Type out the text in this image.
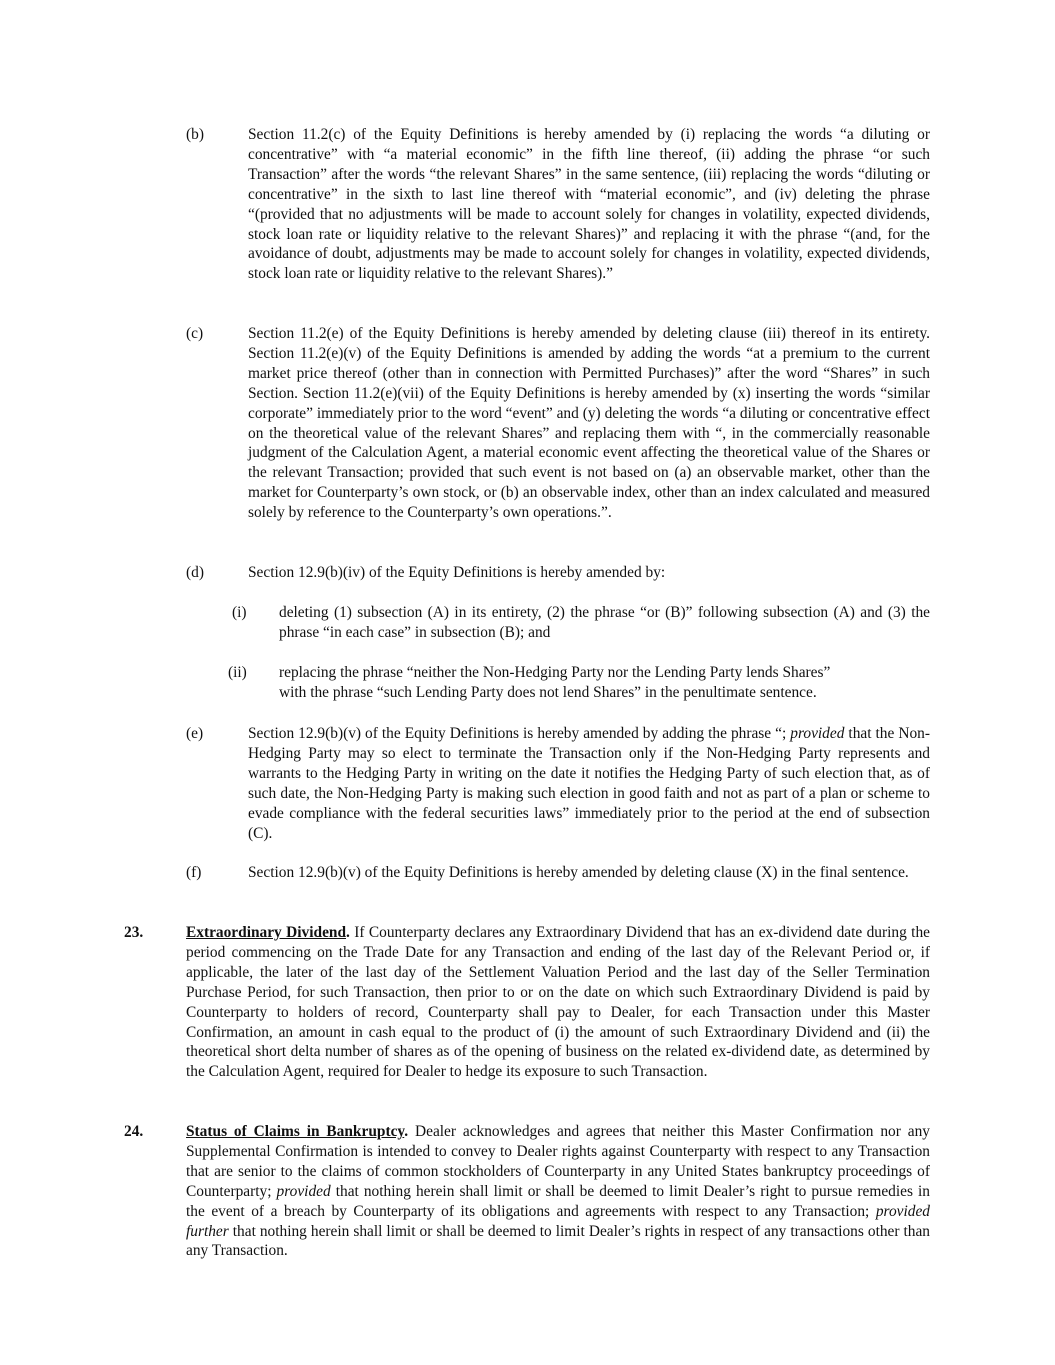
(b)	Section 11.2(c) of the Equity Definitions is hereby amended by (i) replacing the words “a diluting or concentrative” with “a material economic” in the fifth line thereof, (ii) adding the phrase “or such Transaction” after the words “the relevant Shares” in the same sentence, (iii) replacing the words “diluting or concentrative” in the sixth to last line thereof with “material economic”, and (iv) deleting the phrase “(provided that no adjustments will be made to account solely for changes in volatility, expected dividends, stock loan rate or liquidity relative to the relevant Shares)” and replacing it with the phrase “(and, for the avoidance of doubt, adjustments may be made to account solely for changes in volatility, expected dividends, stock loan rate or liquidity relative to the relevant Shares).”

(c)	Section 11.2(e) of the Equity Definitions is hereby amended by deleting clause (iii) thereof in its entirety. Section 11.2(e)(v) of the Equity Definitions is amended by adding the words “at a premium to the current market price thereof (other than in connection with Permitted Purchases)” after the word “Shares” in such Section. Section 11.2(e)(vii) of the Equity Definitions is hereby amended by (x) inserting the words “similar corporate” immediately prior to the word “event” and (y) deleting the words “a diluting or concentrative effect on the theoretical value of the relevant Shares” and replacing them with “, in the commercially reasonable judgment of the Calculation Agent, a material economic event affecting the theoretical value of the Shares or the relevant Transaction; provided that such event is not based on (a) an observable market, other than the market for Counterparty’s own stock, or (b) an observable index, other than an index calculated and measured solely by reference to the Counterparty’s own operations.”.

(d)	Section 12.9(b)(iv) of the Equity Definitions is hereby amended by:

(i) deleting (1) subsection (A) in its entirety, (2) the phrase “or (B)” following subsection (A) and (3) the phrase “in each case” in subsection (B); and

(ii) replacing the phrase “neither the Non-Hedging Party nor the Lending Party lends Shares”
with the phrase “such Lending Party does not lend Shares” in the penultimate sentence.
(e)	Section 12.9(b)(v) of the Equity Definitions is hereby amended by adding the phrase “; provided that the Non-Hedging Party may so elect to terminate the Transaction only if the Non-Hedging Party represents and warrants to the Hedging Party in writing on the date it notifies the Hedging Party of such election that, as of such date, the Non-Hedging Party is making such election in good faith and not as part of a plan or scheme to evade compliance with the federal securities laws” immediately prior to the period at the end of subsection (C).

(f)	Section 12.9(b)(v) of the Equity Definitions is hereby amended by deleting clause (X) in the final sentence.

23.	Extraordinary Dividend. If Counterparty declares any Extraordinary Dividend that has an ex-dividend date during the period commencing on the Trade Date for any Transaction and ending of the last day of the Relevant Period or, if applicable, the later of the last day of the Settlement Valuation Period and the last day of the Seller Termination Purchase Period, for such Transaction, then prior to or on the date on which such Extraordinary Dividend is paid by Counterparty to holders of record, Counterparty shall pay to Dealer, for each Transaction under this Master Confirmation, an amount in cash equal to the product of (i) the amount of such Extraordinary Dividend and (ii) the theoretical short delta number of shares as of the opening of business on the related ex-dividend date, as determined by the Calculation Agent, required for Dealer to hedge its exposure to such Transaction.

24.	Status of Claims in Bankruptcy. Dealer acknowledges and agrees that neither this Master Confirmation nor any Supplemental Confirmation is intended to convey to Dealer rights against Counterparty with respect to any Transaction that are senior to the claims of common stockholders of Counterparty in any United States bankruptcy proceedings of Counterparty; provided that nothing herein shall limit or shall be deemed to limit Dealer’s right to pursue remedies in the event of a breach by Counterparty of its obligations and agreements with respect to any Transaction; provided further that nothing herein shall limit or shall be deemed to limit Dealer’s rights in respect of any transactions other than any Transaction.
